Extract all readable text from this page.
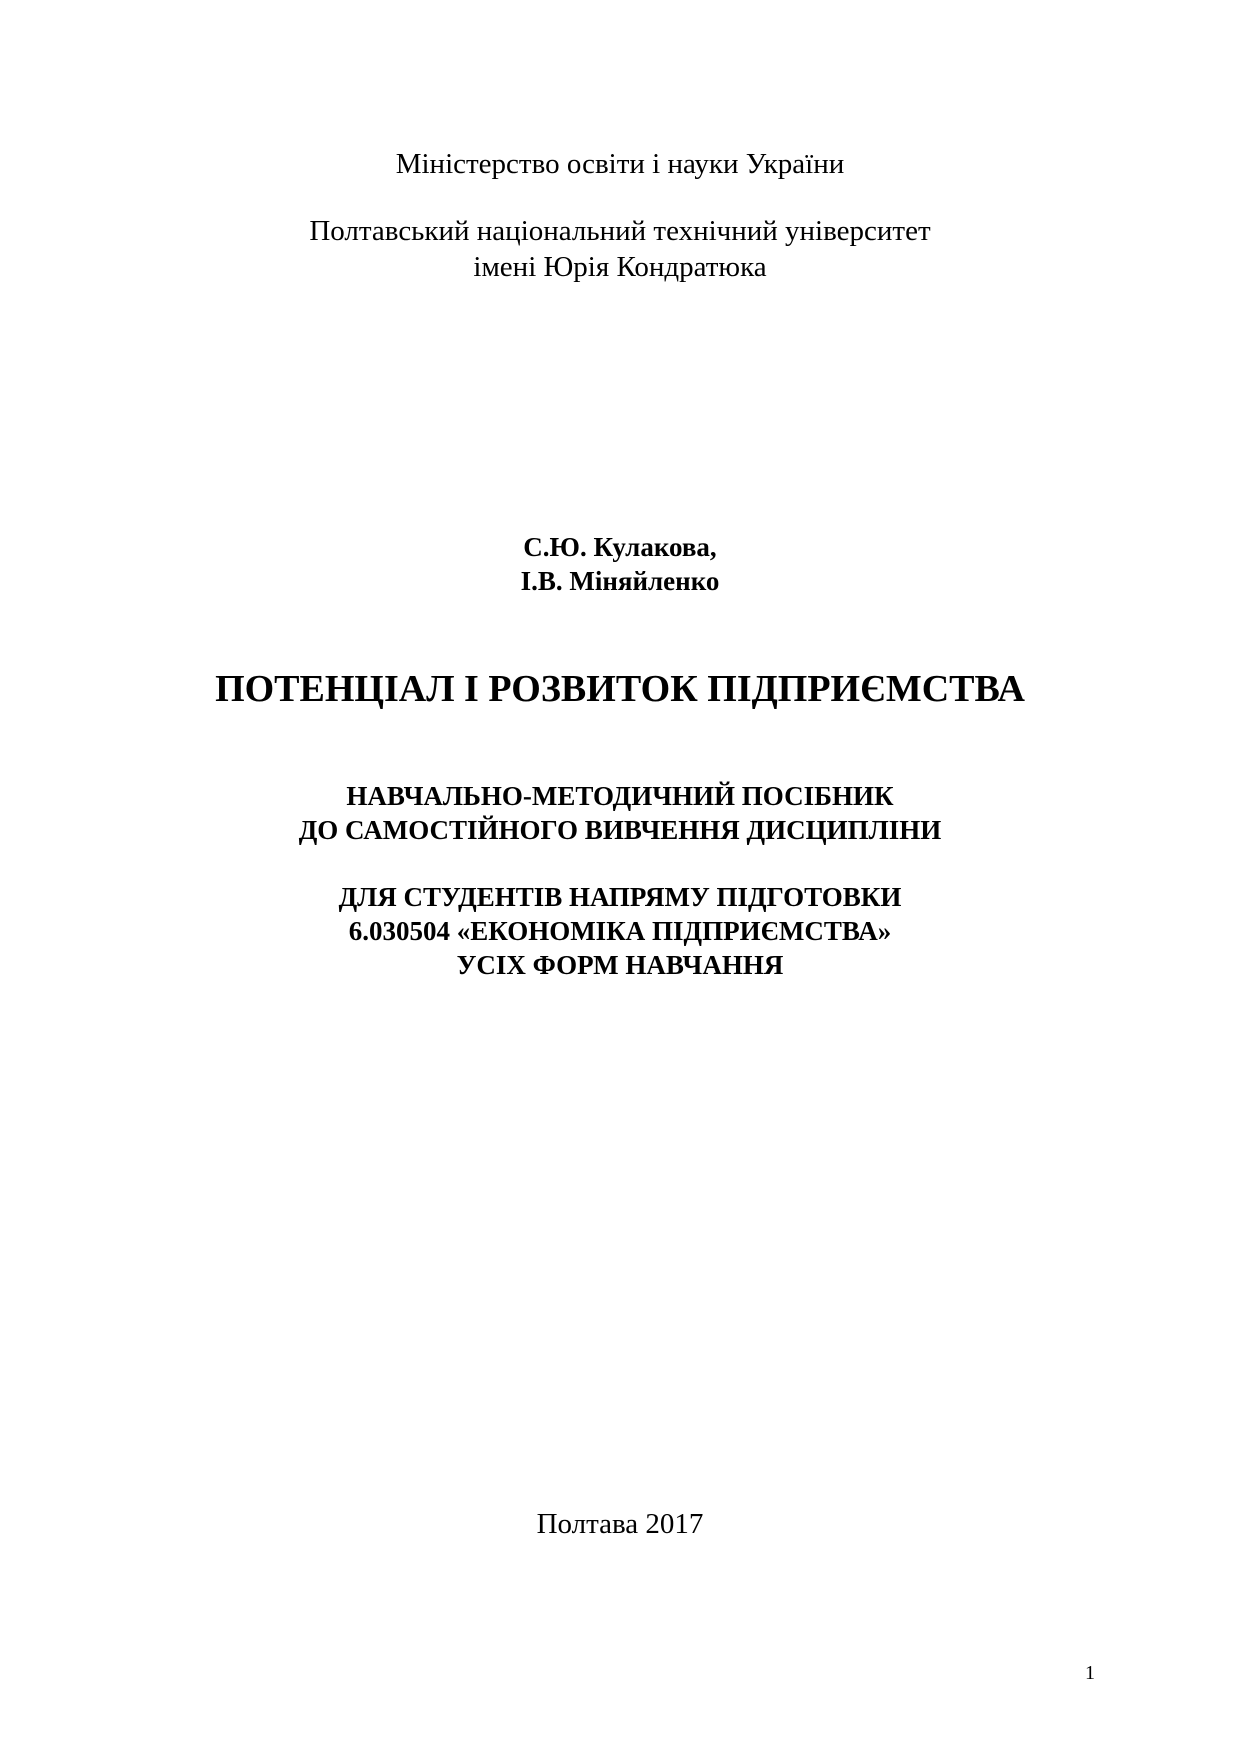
Міністерство освіти і науки України
Полтавський національний технічний університет
імені Юрія Кондратюка
С.Ю. Кулакова,
І.В. Міняйленко
ПОТЕНЦІАЛ І РОЗВИТОК ПІДПРИЄМСТВА
НАВЧАЛЬНО-МЕТОДИЧНИЙ ПОСІБНИК
ДО САМОСТІЙНОГО ВИВЧЕННЯ ДИСЦИПЛІНИ
ДЛЯ СТУДЕНТІВ НАПРЯМУ ПІДГОТОВКИ
6.030504 «ЕКОНОМІКА ПІДПРИЄМСТВА»
УСІХ ФОРМ НАВЧАННЯ
Полтава 2017
1
